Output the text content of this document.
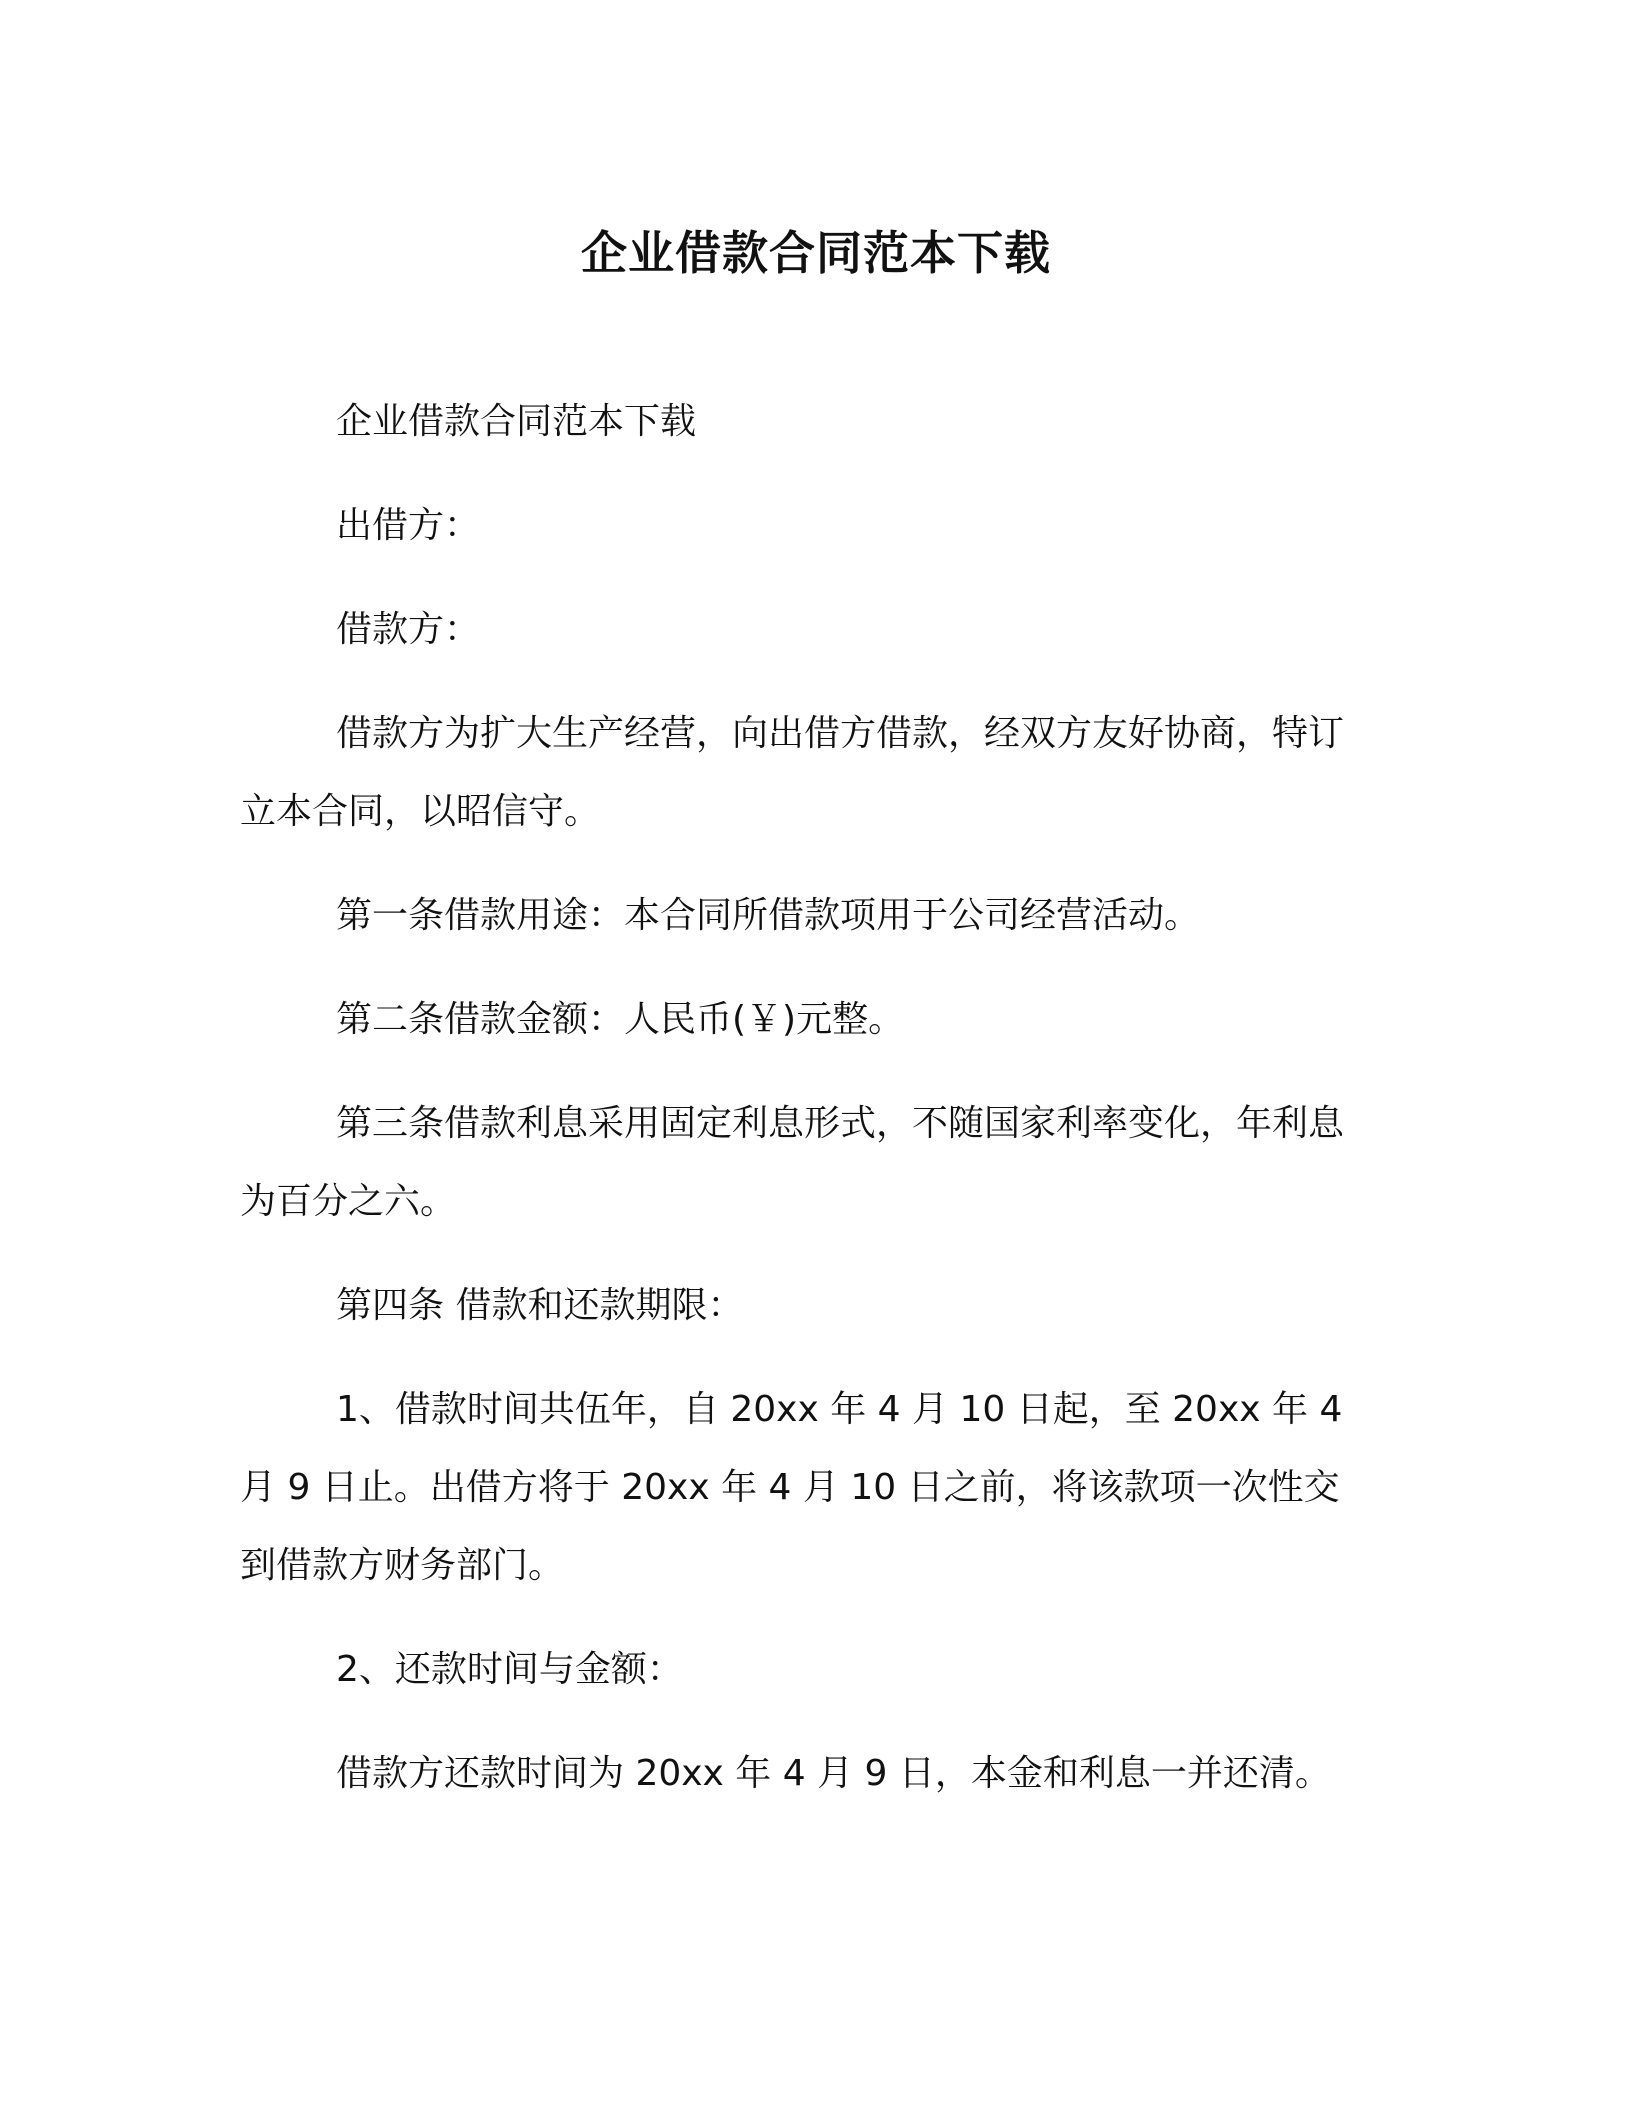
企业借款合同范本下载

企业借款合同范本下载

出借方：

借款方：

借款方为扩大生产经营，向出借方借款，经双方友好协商，特订立本合同，以昭信守。

第一条借款用途：本合同所借款项用于公司经营活动。

第二条借款金额：人民币(￥)元整。

第三条借款利息采用固定利息形式，不随国家利率变化，年利息为百分之六。

第四条 借款和还款期限：

1、借款时间共伍年，自 20xx 年 4 月 10 日起，至 20xx 年 4 月 9 日止。出借方将于 20xx 年 4 月 10 日之前，将该款项一次性交到借款方财务部门。

2、还款时间与金额：

借款方还款时间为 20xx 年 4 月 9 日，本金和利息一并还清。
